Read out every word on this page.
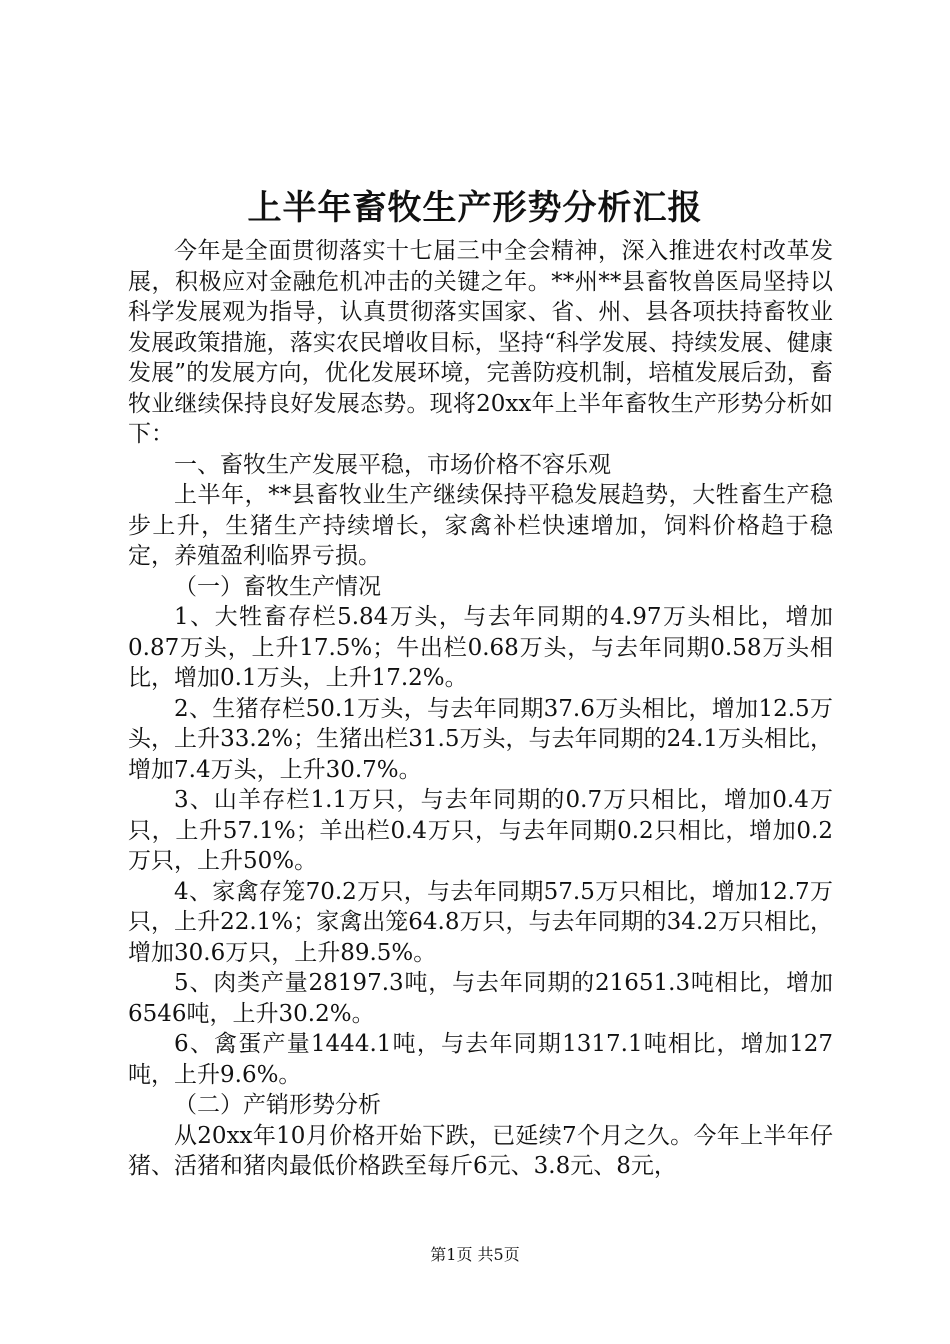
上半年畜牧生产形势分析汇报

今年是全面贯彻落实十七届三中全会精神，深入推进农村改革发展，积极应对金融危机冲击的关键之年。**州**县畜牧兽医局坚持以科学发展观为指导，认真贯彻落实国家、省、州、县各项扶持畜牧业发展政策措施，落实农民增收目标，坚持“科学发展、持续发展、健康发展”的发展方向，优化发展环境，完善防疫机制，培植发展后劲，畜牧业继续保持良好发展态势。现将20xx年上半年畜牧生产形势分析如下：

一、畜牧生产发展平稳，市场价格不容乐观

上半年，**县畜牧业生产继续保持平稳发展趋势，大牲畜生产稳步上升，生猪生产持续增长，家禽补栏快速增加，饲料价格趋于稳定，养殖盈利临界亏损。

（一）畜牧生产情况

1、大牲畜存栏5.84万头，与去年同期的4.97万头相比，增加0.87万头，上升17.5%；牛出栏0.68万头，与去年同期0.58万头相比，增加0.1万头，上升17.2%。

2、生猪存栏50.1万头，与去年同期37.6万头相比，增加12.5万头，上升33.2%；生猪出栏31.5万头，与去年同期的24.1万头相比，增加7.4万头，上升30.7%。

3、山羊存栏1.1万只，与去年同期的0.7万只相比，增加0.4万只，上升57.1%；羊出栏0.4万只，与去年同期0.2只相比，增加0.2万只，上升50%。

4、家禽存笼70.2万只，与去年同期57.5万只相比，增加12.7万只，上升22.1%；家禽出笼64.8万只，与去年同期的34.2万只相比，增加30.6万只，上升89.5%。

5、肉类产量28197.3吨，与去年同期的21651.3吨相比，增加6546吨，上升30.2%。

6、禽蛋产量1444.1吨，与去年同期1317.1吨相比，增加127吨，上升9.6%。

（二）产销形势分析

从20xx年10月价格开始下跌，已延续7个月之久。今年上半年仔猪、活猪和猪肉最低价格跌至每斤6元、3.8元、8元，

第1页 共5页
